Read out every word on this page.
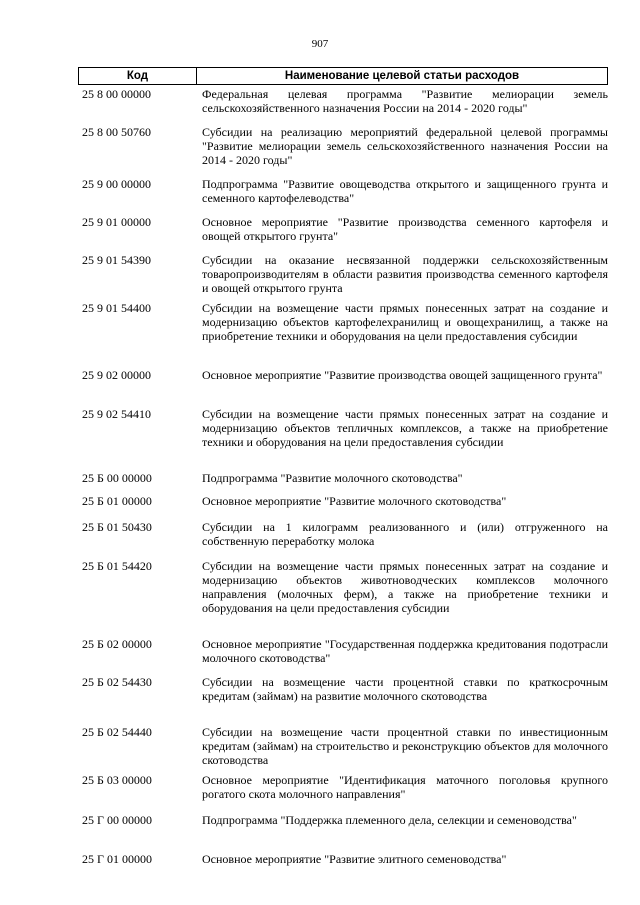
907
Код	Наименование целевой статьи расходов
25 8 00 00000	Федеральная целевая программа "Развитие мелиорации земель сельскохозяйственного назначения России на 2014 - 2020 годы"
25 8 00 50760	Субсидии на реализацию мероприятий федеральной целевой программы "Развитие мелиорации земель сельскохозяйственного назначения России на 2014 - 2020 годы"
25 9 00 00000	Подпрограмма "Развитие овощеводства открытого и защищенного грунта и семенного картофелеводства"
25 9 01 00000	Основное мероприятие "Развитие производства семенного картофеля и овощей открытого грунта"
25 9 01 54390	Субсидии на оказание несвязанной поддержки сельскохозяйственным товаропроизводителям в области развития производства семенного картофеля и овощей открытого грунта
25 9 01 54400	Субсидии на возмещение части прямых понесенных затрат на создание и модернизацию объектов картофелехранилищ и овощехранилищ, а также на приобретение техники и оборудования на цели предоставления субсидии
25 9 02 00000	Основное мероприятие "Развитие производства овощей защищенного грунта"
25 9 02 54410	Субсидии на возмещение части прямых понесенных затрат на создание и модернизацию объектов тепличных комплексов, а также на приобретение техники и оборудования на цели предоставления субсидии
25 Б 00 00000	Подпрограмма "Развитие молочного скотоводства"
25 Б 01 00000	Основное мероприятие "Развитие молочного скотоводства"
25 Б 01 50430	Субсидии на 1 килограмм реализованного и (или) отгруженного на собственную переработку молока
25 Б 01 54420	Субсидии на возмещение части прямых понесенных затрат на создание и модернизацию объектов животноводческих комплексов молочного направления (молочных ферм), а также на приобретение техники и оборудования на цели предоставления субсидии
25 Б 02 00000	Основное мероприятие "Государственная поддержка кредитования подотрасли молочного скотоводства"
25 Б 02 54430	Субсидии на возмещение части процентной ставки по краткосрочным кредитам (займам) на развитие молочного скотоводства
25 Б 02 54440	Субсидии на возмещение части процентной ставки по инвестиционным кредитам (займам) на строительство и реконструкцию объектов для молочного скотоводства
25 Б 03 00000	Основное мероприятие "Идентификация маточного поголовья крупного рогатого скота молочного направления"
25 Г 00 00000	Подпрограмма "Поддержка племенного дела, селекции и семеноводства"
25 Г 01 00000	Основное мероприятие "Развитие элитного семеноводства"
